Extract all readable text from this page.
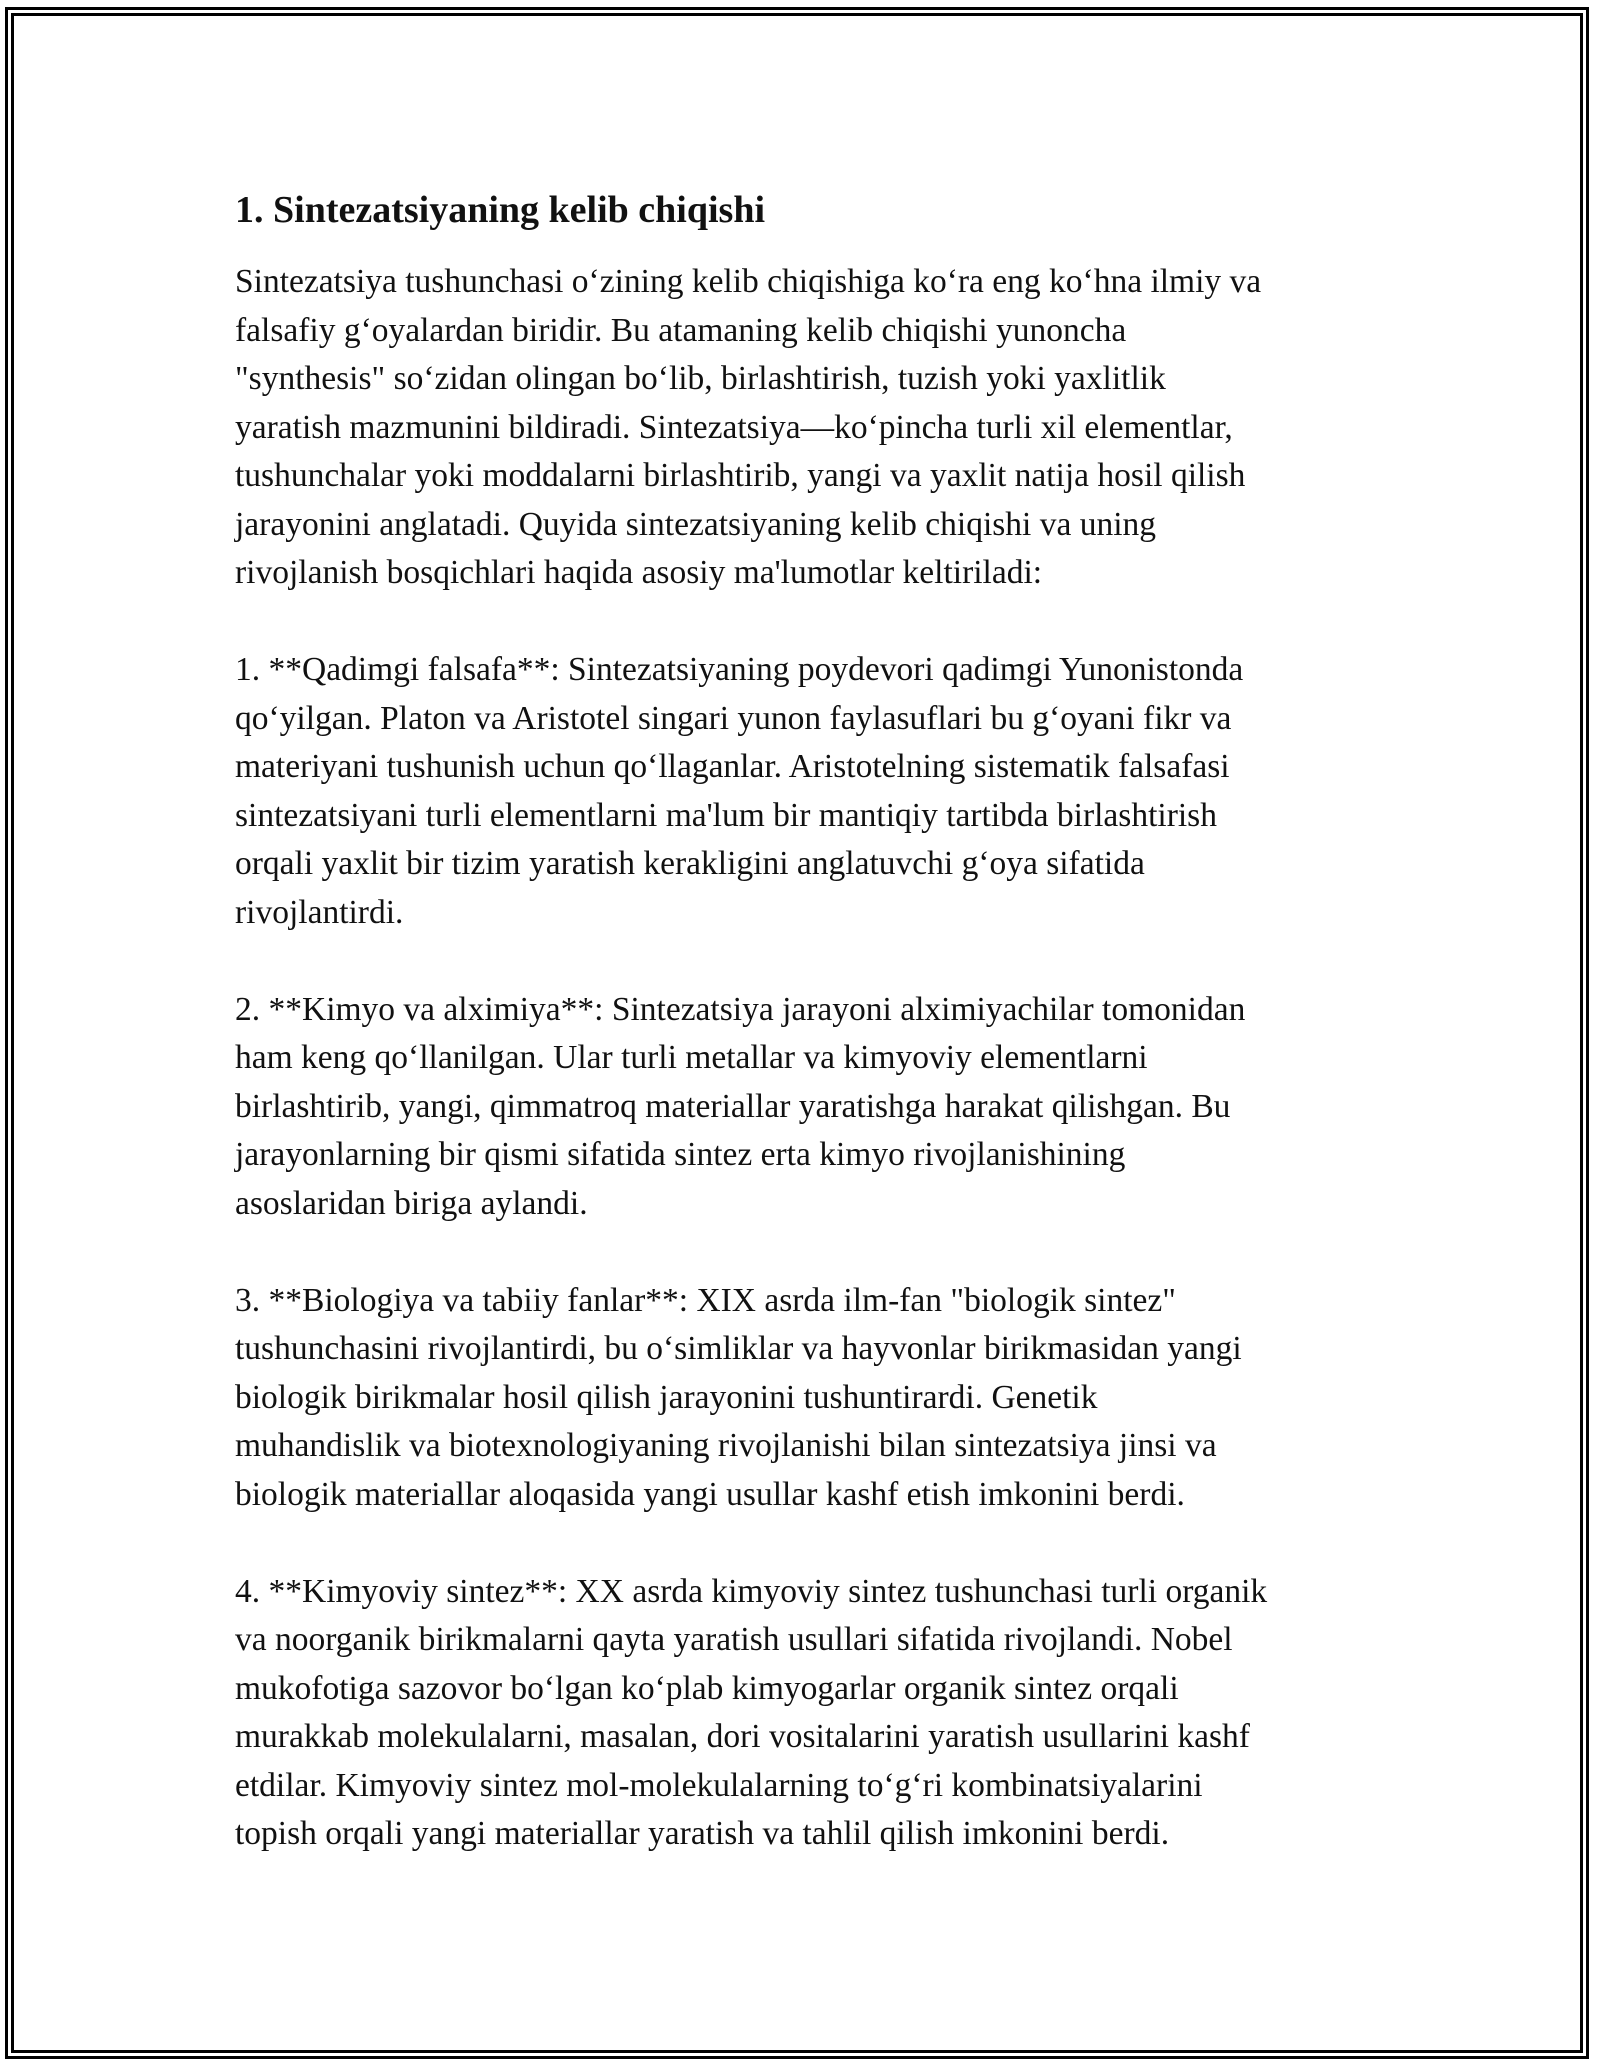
1. Sintezatsiyaning kelib chiqishi

Sintezatsiya tushunchasi oʻzining kelib chiqishiga koʻra eng koʻhna ilmiy va
falsafiy gʻoyalardan biridir. Bu atamaning kelib chiqishi yunoncha
"synthesis" soʻzidan olingan boʻlib, birlashtirish, tuzish yoki yaxlitlik
yaratish mazmunini bildiradi. Sintezatsiya—koʻpincha turli xil elementlar,
tushunchalar yoki moddalarni birlashtirib, yangi va yaxlit natija hosil qilish
jarayonini anglatadi. Quyida sintezatsiyaning kelib chiqishi va uning
rivojlanish bosqichlari haqida asosiy ma'lumotlar keltiriladi:

1. **Qadimgi falsafa**: Sintezatsiyaning poydevori qadimgi Yunonistonda
qoʻyilgan. Platon va Aristotel singari yunon faylasuflari bu gʻoyani fikr va
materiyani tushunish uchun qoʻllaganlar. Aristotelning sistematik falsafasi
sintezatsiyani turli elementlarni ma'lum bir mantiqiy tartibda birlashtirish
orqali yaxlit bir tizim yaratish kerakligini anglatuvchi gʻoya sifatida
rivojlantirdi.

2. **Kimyo va alximiya**: Sintezatsiya jarayoni alximiyachilar tomonidan
ham keng qoʻllanilgan. Ular turli metallar va kimyoviy elementlarni
birlashtirib, yangi, qimmatroq materiallar yaratishga harakat qilishgan. Bu
jarayonlarning bir qismi sifatida sintez erta kimyo rivojlanishining
asoslaridan biriga aylandi.

3. **Biologiya va tabiiy fanlar**: XIX asrda ilm-fan "biologik sintez"
tushunchasini rivojlantirdi, bu oʻsimliklar va hayvonlar birikmasidan yangi
biologik birikmalar hosil qilish jarayonini tushuntirardi. Genetik
muhandislik va biotexnologiyaning rivojlanishi bilan sintezatsiya jinsi va
biologik materiallar aloqasida yangi usullar kashf etish imkonini berdi.

4. **Kimyoviy sintez**: XX asrda kimyoviy sintez tushunchasi turli organik
va noorganik birikmalarni qayta yaratish usullari sifatida rivojlandi. Nobel
mukofotiga sazovor boʻlgan koʻplab kimyogarlar organik sintez orqali
murakkab molekulalarni, masalan, dori vositalarini yaratish usullarini kashf
etdilar. Kimyoviy sintez mol-molekulalarning toʻgʻri kombinatsiyalarini
topish orqali yangi materiallar yaratish va tahlil qilish imkonini berdi.
